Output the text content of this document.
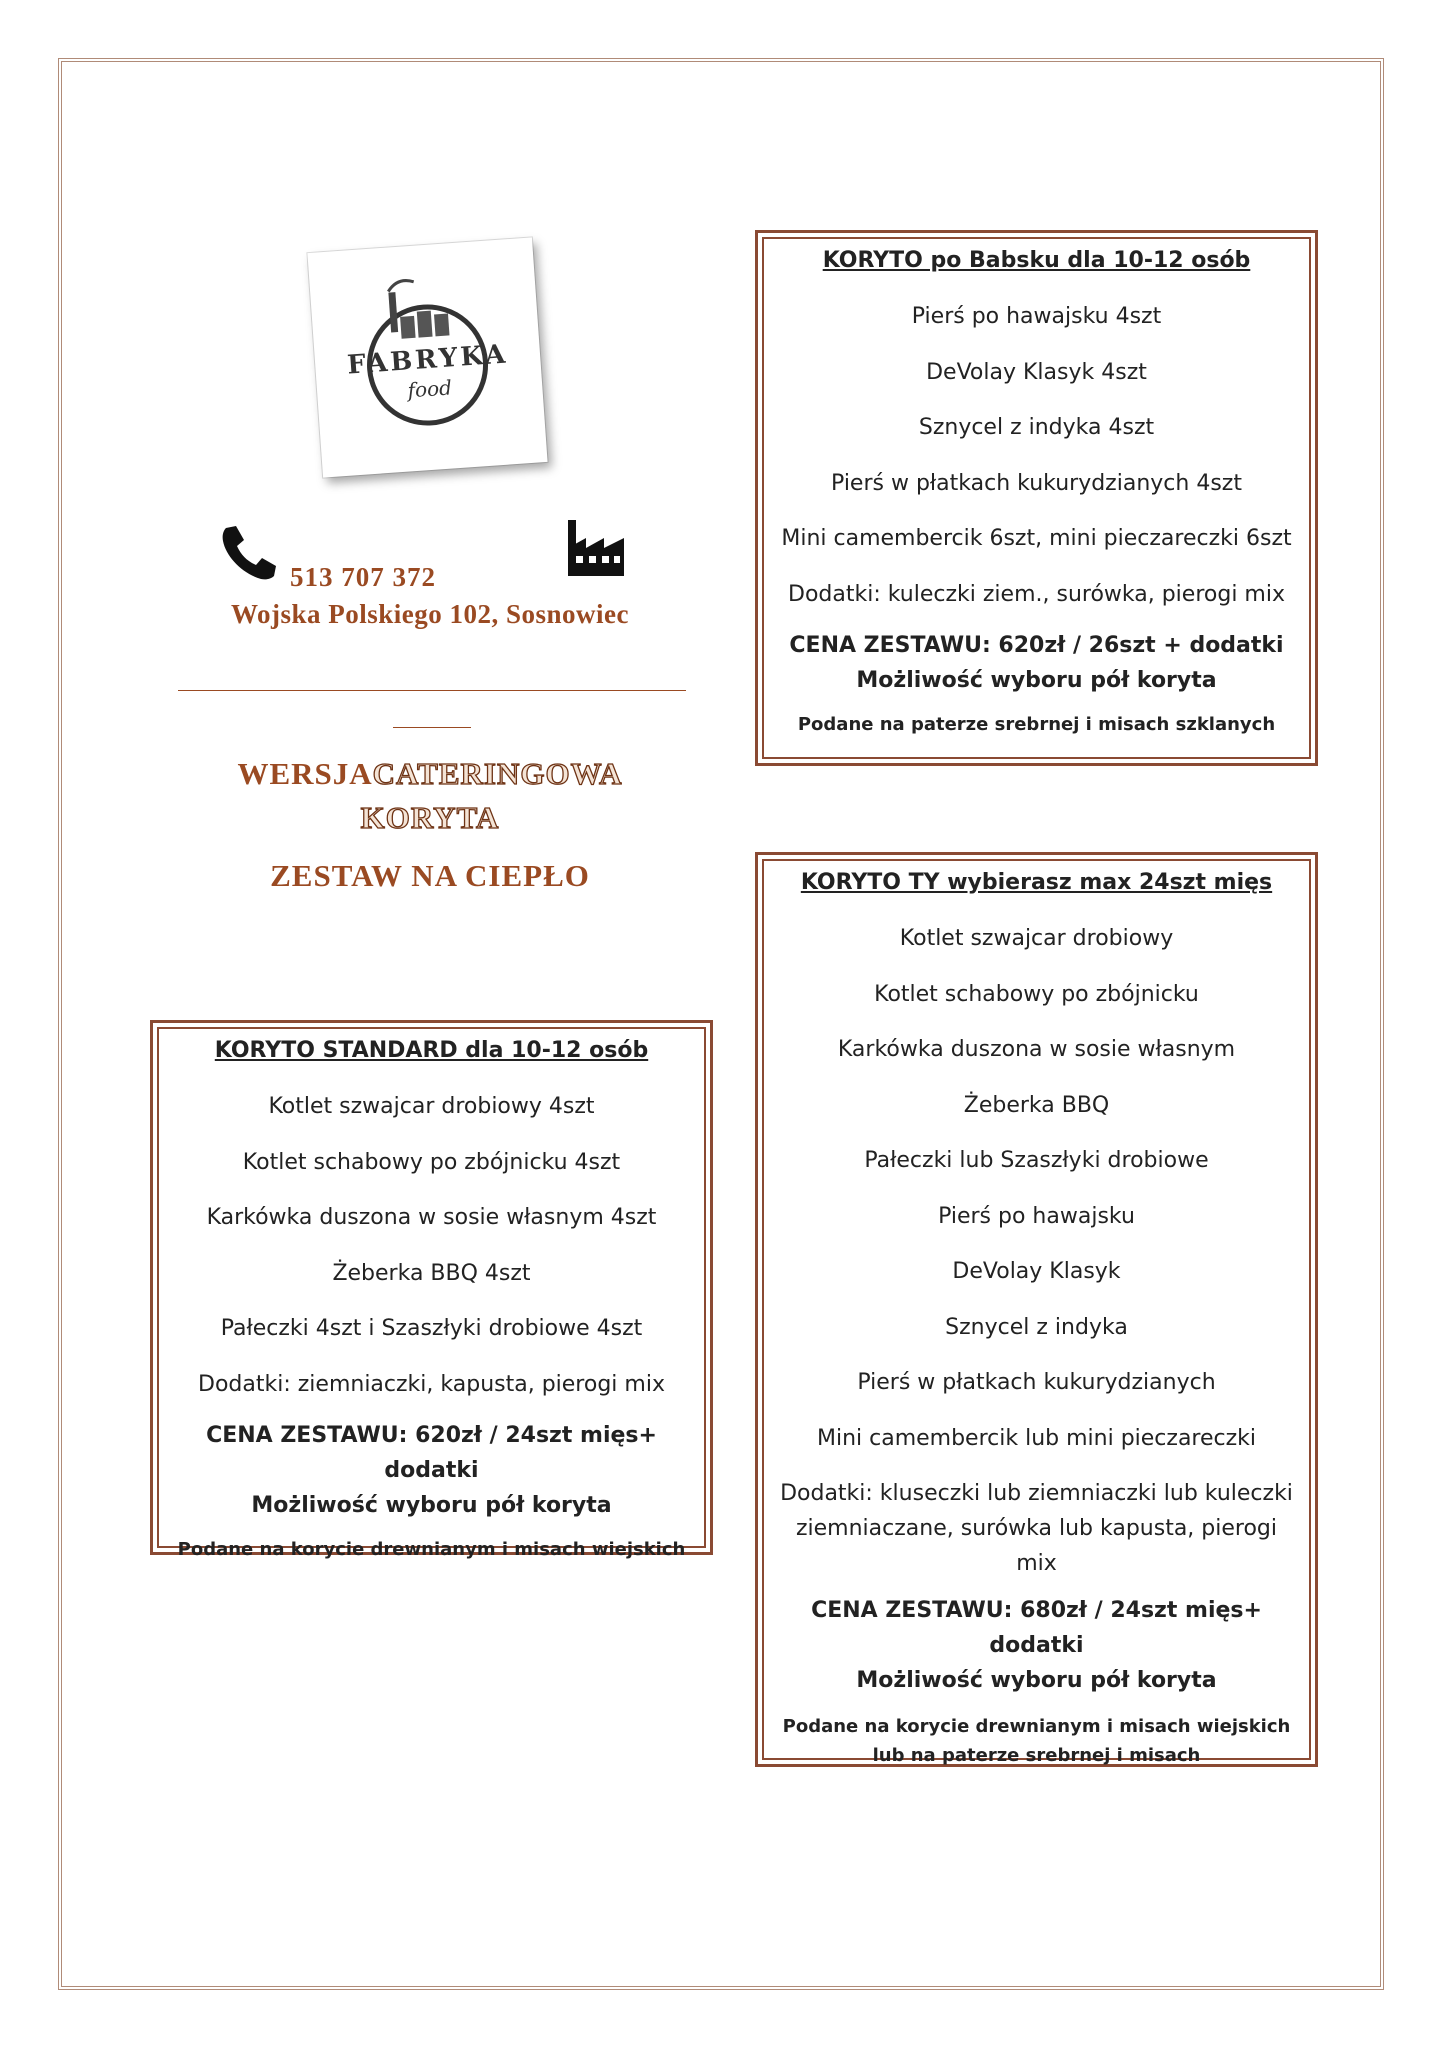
FABRYKA
food
513 707 372
Wojska Polskiego 102, Sosnowiec
WERSJACATERINGOWA
KORYTA
ZESTAW NA CIEPŁO
KORYTO po Babsku dla 10-12 osób

Pierś po hawajsku 4szt

DeVolay Klasyk 4szt

Sznycel z indyka 4szt

Pierś w płatkach kukurydzianych 4szt

Mini camembercik 6szt, mini pieczareczki 6szt

Dodatki: kuleczki ziem., surówka, pierogi mix

CENA ZESTAWU: 620zł / 26szt + dodatki
Możliwość wyboru pół koryta
Podane na paterze srebrnej i misach szklanych
KORYTO TY wybierasz max 24szt mięs

Kotlet szwajcar drobiowy

Kotlet schabowy po zbójnicku

Karkówka duszona w sosie własnym

Żeberka BBQ

Pałeczki lub Szaszłyki drobiowe

Pierś po hawajsku

DeVolay Klasyk

Sznycel z indyka

Pierś w płatkach kukurydzianych

Mini camembercik lub mini pieczareczki

Dodatki: kluseczki lub ziemniaczki lub kuleczki ziemniaczane, surówka lub kapusta, pierogi mix

CENA ZESTAWU: 680zł / 24szt mięs+ dodatki
Możliwość wyboru pół koryta
Podane na korycie drewnianym i misach wiejskich
lub na paterze srebrnej i misach
KORYTO STANDARD dla 10-12 osób

Kotlet szwajcar drobiowy 4szt

Kotlet schabowy po zbójnicku 4szt

Karkówka duszona w sosie własnym 4szt

Żeberka BBQ 4szt

Pałeczki 4szt i Szaszłyki drobiowe 4szt

Dodatki: ziemniaczki, kapusta, pierogi mix

CENA ZESTAWU: 620zł / 24szt mięs+ dodatki
Możliwość wyboru pół koryta
Podane na korycie drewnianym i misach wiejskich
